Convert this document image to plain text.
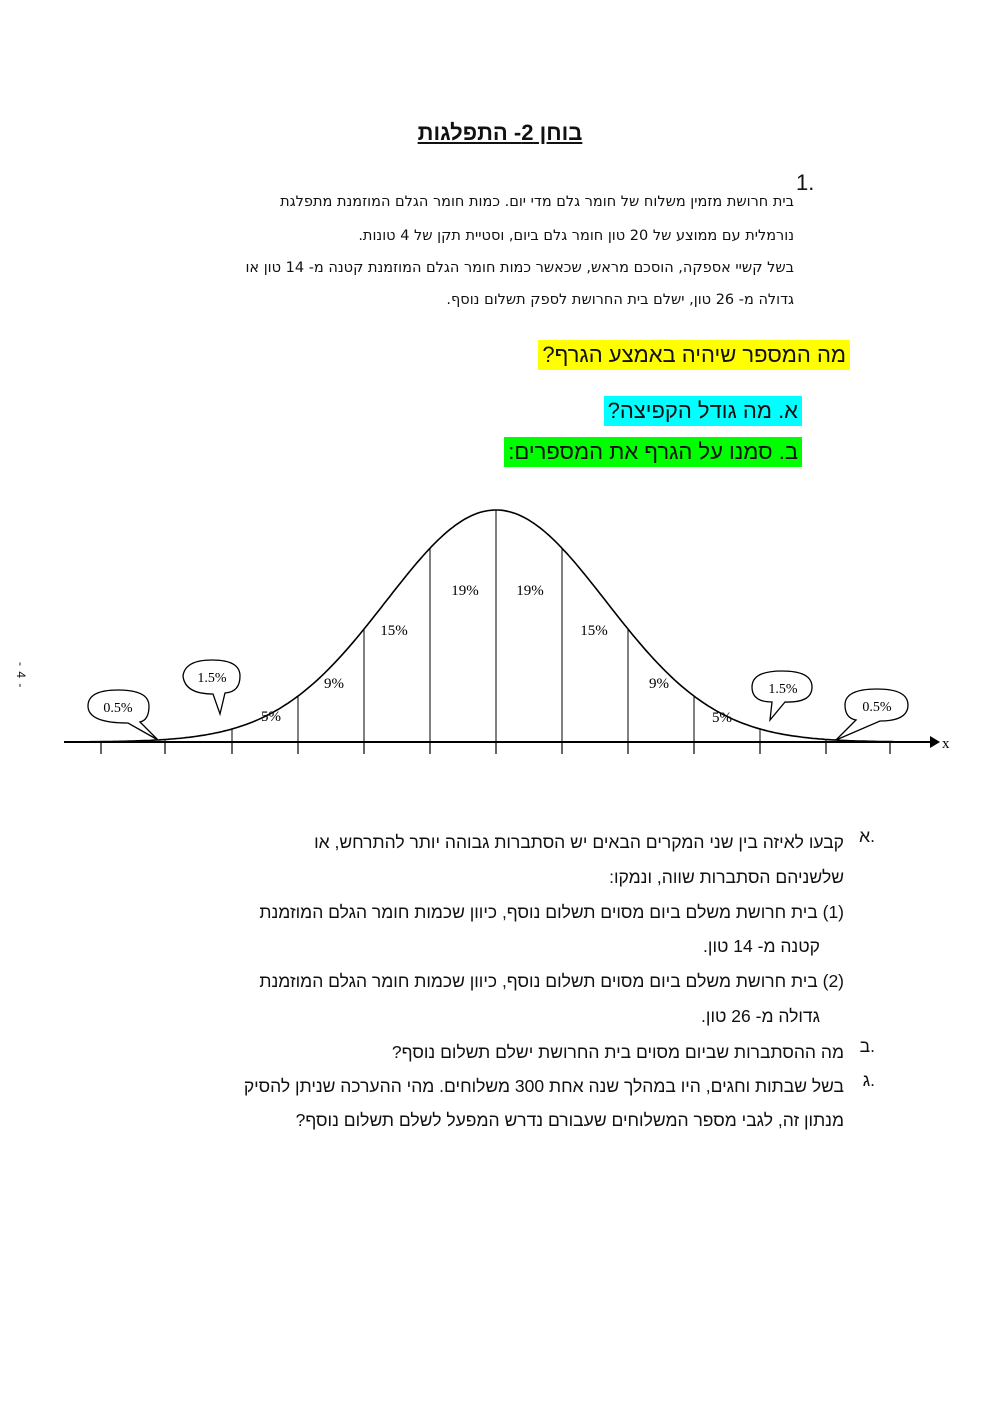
בוחן 2- התפלגות
1.
בית חרושת מזמין משלוח של חומר גלם מדי יום. כמות חומר הגלם המוזמנת מתפלגת
נורמלית עם ממוצע של 20 טון חומר גלם ביום, וסטיית תקן של 4 טונות.
בשל קשיי אספקה, הוסכם מראש, שכאשר כמות חומר הגלם המוזמנת קטנה מ- 14 טון או
גדולה מ- 26 טון, ישלם בית החרושת לספק תשלום נוסף.
מה המספר שיהיה באמצע הגרף?
א. מה גודל הקפיצה?
ב. סמנו על הגרף את המספרים:
- 4 -
x
19%	19%
15%	15%
9%	9%
5%	5%
1.5%
1.5%
0.5%	0.5%
א.
קבעו לאיזה בין שני המקרים הבאים יש הסתברות גבוהה יותר להתרחש, או
שלשניהם הסתברות שווה, ונמקו:
(1) בית חרושת משלם ביום מסוים תשלום נוסף, כיוון שכמות חומר הגלם המוזמנת
קטנה מ- 14 טון.
(2) בית חרושת משלם ביום מסוים תשלום נוסף, כיוון שכמות חומר הגלם המוזמנת
גדולה מ- 26 טון.
ב.
מה ההסתברות שביום מסוים בית החרושת ישלם תשלום נוסף?
ג.
בשל שבתות וחגים, היו במהלך שנה אחת 300 משלוחים. מהי ההערכה שניתן להסיק
מנתון זה, לגבי מספר המשלוחים שעבורם נדרש המפעל לשלם תשלום נוסף?
